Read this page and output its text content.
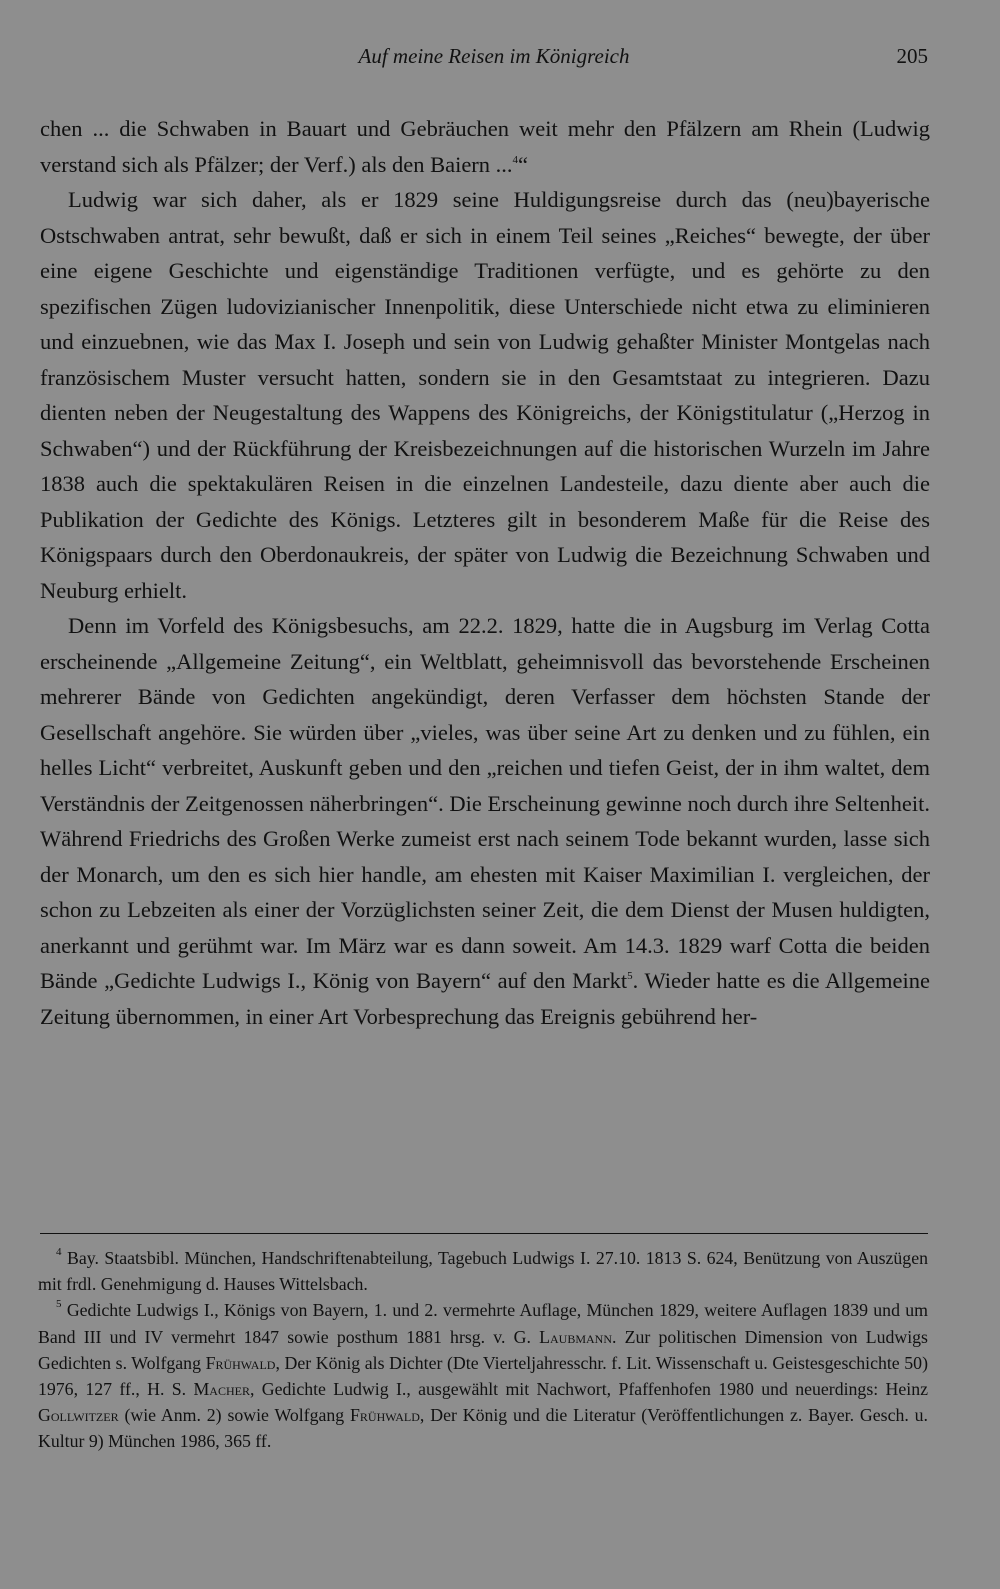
Auf meine Reisen im Königreich	205

chen ... die Schwaben in Bauart und Gebräuchen weit mehr den Pfälzern am Rhein (Ludwig verstand sich als Pfälzer; der Verf.) als den Baiern ...$^4$“

Ludwig war sich daher, als er 1829 seine Huldigungsreise durch das (neu)bayerische Ostschwaben antrat, sehr bewußt, daß er sich in einem Teil seines „Reiches“ bewegte, der über eine eigene Geschichte und eigenständige Traditionen verfügte, und es gehörte zu den spezifischen Zügen ludovizianischer Innenpolitik, diese Unterschiede nicht etwa zu eliminieren und einzuebnen, wie das Max I. Joseph und sein von Ludwig gehaßter Minister Montgelas nach französischem Muster versucht hatten, sondern sie in den Gesamtstaat zu integrieren. Dazu dienten neben der Neugestaltung des Wappens des Königreichs, der Königstitulatur („Herzog in Schwaben“) und der Rückführung der Kreisbezeichnungen auf die historischen Wurzeln im Jahre 1838 auch die spektakulären Reisen in die einzelnen Landesteile, dazu diente aber auch die Publikation der Gedichte des Königs. Letzteres gilt in besonderem Maße für die Reise des Königspaars durch den Oberdonaukreis, der später von Ludwig die Bezeichnung Schwaben und Neuburg erhielt.

Denn im Vorfeld des Königsbesuchs, am 22.2. 1829, hatte die in Augsburg im Verlag Cotta erscheinende „Allgemeine Zeitung“, ein Weltblatt, geheimnisvoll das bevorstehende Erscheinen mehrerer Bände von Gedichten angekündigt, deren Verfasser dem höchsten Stande der Gesellschaft angehöre. Sie würden über „vieles, was über seine Art zu denken und zu fühlen, ein helles Licht“ verbreitet, Auskunft geben und den „reichen und tiefen Geist, der in ihm waltet, dem Verständnis der Zeitgenossen näherbringen“. Die Erscheinung gewinne noch durch ihre Seltenheit. Während Friedrichs des Großen Werke zumeist erst nach seinem Tode bekannt wurden, lasse sich der Monarch, um den es sich hier handle, am ehesten mit Kaiser Maximilian I. vergleichen, der schon zu Lebzeiten als einer der Vorzüglichsten seiner Zeit, die dem Dienst der Musen huldigten, anerkannt und gerühmt war. Im März war es dann soweit. Am 14.3. 1829 warf Cotta die beiden Bände „Gedichte Ludwigs I., König von Bayern“ auf den Markt$^5$. Wieder hatte es die Allgemeine Zeitung übernommen, in einer Art Vorbesprechung das Ereignis gebührend her-

$^4$ Bay. Staatsbibl. München, Handschriftenabteilung, Tagebuch Ludwigs I. 27.10. 1813 S. 624, Benützung von Auszügen mit frdl. Genehmigung d. Hauses Wittelsbach.

$^5$ Gedichte Ludwigs I., Königs von Bayern, 1. und 2. vermehrte Auflage, München 1829, weitere Auflagen 1839 und um Band III und IV vermehrt 1847 sowie posthum 1881 hrsg. v. G. Laubmann. Zur politischen Dimension von Ludwigs Gedichten s. Wolfgang Frühwald, Der König als Dichter (Dte Vierteljahresschr. f. Lit. Wissenschaft u. Geistesgeschichte 50) 1976, 127 ff., H. S. Macher, Gedichte Ludwig I., ausgewählt mit Nachwort, Pfaffenhofen 1980 und neuerdings: Heinz Gollwitzer (wie Anm. 2) sowie Wolfgang Frühwald, Der König und die Literatur (Veröffentlichungen z. Bayer. Gesch. u. Kultur 9) München 1986, 365 ff.
